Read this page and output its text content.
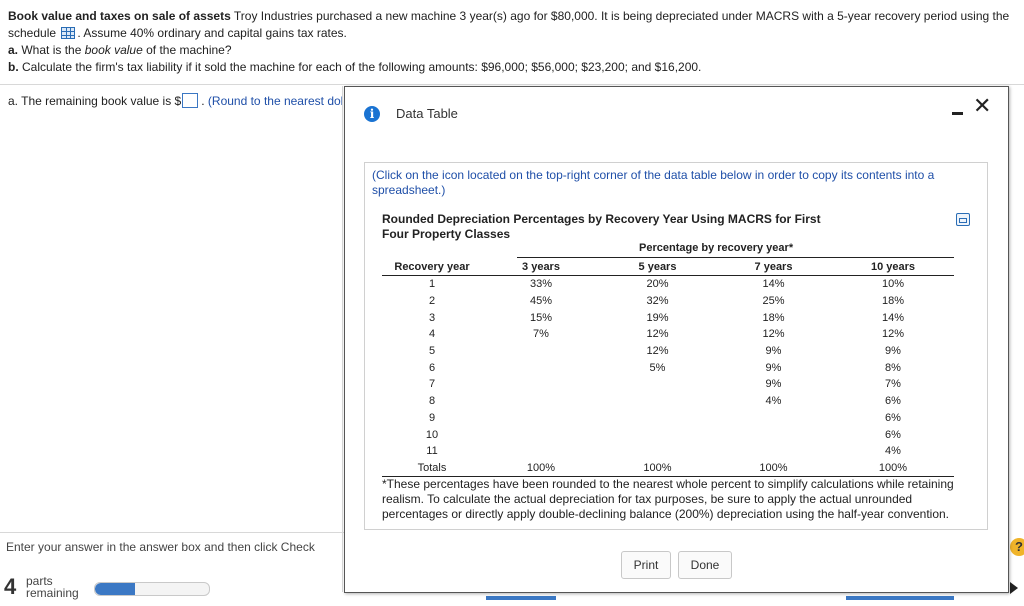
Book value and taxes on sale of assets Troy Industries purchased a new machine 3 year(s) ago for $80,000. It is being depreciated under MACRS with a 5-year recovery period using the
schedule . Assume 40% ordinary and capital gains tax rates.
a. What is the book value of the machine?
b. Calculate the firm's tax liability if it sold the machine for each of the following amounts: $96,000; $56,000; $23,200; and $16,200.
a. The remaining book value is $ . (Round to the nearest dol
Enter your answer in the answer box and then click Check
4 parts
remaining
?
i	Data Table	✕
(Click on the icon located on the top-right corner of the data table below in order to copy its contents into a spreadsheet.)
Rounded Depreciation Percentages by Recovery Year Using MACRS for First Four Property Classes
Percentage by recovery year*
Recovery year	3 years	5 years	7 years	10 years
1	33%	20%	14%	10%
2	45%	32%	25%	18%
3	15%	19%	18%	14%
4	7%	12%	12%	12%
5		12%	9%	9%
6		5%	9%	8%
7			9%	7%
8			4%	6%
9				6%
10				6%
11				4%
Totals	100%	100%	100%	100%
*These percentages have been rounded to the nearest whole percent to simplify calculations while retaining realism. To calculate the actual depreciation for tax purposes, be sure to apply the actual unrounded percentages or directly apply double-declining balance (200%) depreciation using the half-year convention.
Print	Done
